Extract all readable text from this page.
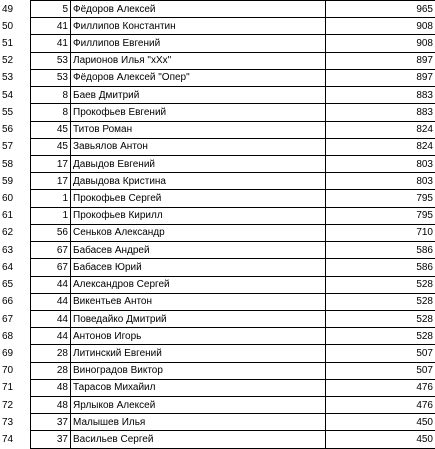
49	5	Фёдоров Алексей	965
50	41	Филлипов Константин	908
51	41	Филлипов Евгений	908
52	53	Ларионов Илья "xXx"	897
53	53	Фёдоров Алексей "Опер"	897
54	8	Баев Дмитрий	883
55	8	Прокофьев Евгений	883
56	45	Титов Роман	824
57	45	Завьялов Антон	824
58	17	Давыдов Евгений	803
59	17	Давыдова Кристина	803
60	1	Прокофьев Сергей	795
61	1	Прокофьев Кирилл	795
62	56	Сеньков Александр	710
63	67	Бабасев Андрей	586
64	67	Бабасев Юрий	586
65	44	Александров Сергей	528
66	44	Викентьев Антон	528
67	44	Поведайко Дмитрий	528
68	44	Антонов Игорь	528
69	28	Литинский Евгений	507
70	28	Виноградов Виктор	507
71	48	Тарасов Михайил	476
72	48	Ярлыков Алексей	476
73	37	Малышев Илья	450
74	37	Васильев Сергей	450
